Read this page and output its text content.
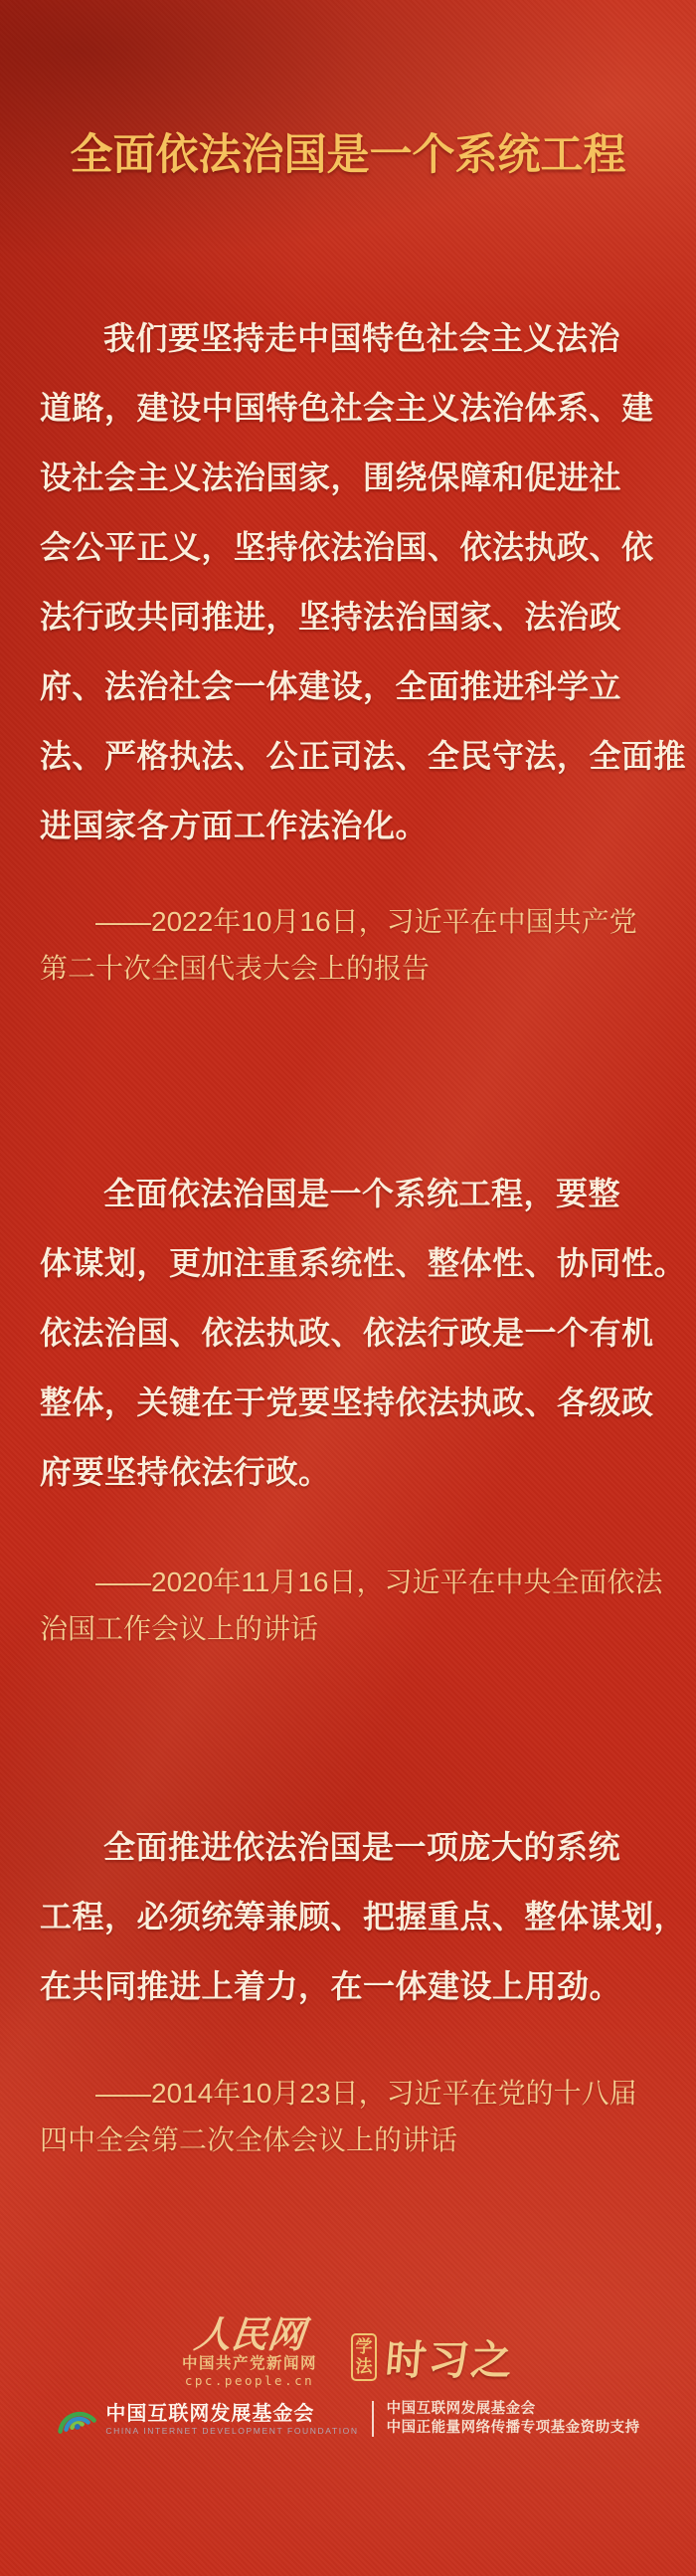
全面依法治国是一个系统工程
我们要坚持走中国特色社会主义法治
道路，建设中国特色社会主义法治体系、建
设社会主义法治国家，围绕保障和促进社
会公平正义，坚持依法治国、依法执政、依
法行政共同推进，坚持法治国家、法治政
府、法治社会一体建设，全面推进科学立
法、严格执法、公正司法、全民守法，全面推
进国家各方面工作法治化。
——2022年10月16日，习近平在中国共产党
第二十次全国代表大会上的报告
全面依法治国是一个系统工程，要整
体谋划，更加注重系统性、整体性、协同性。
依法治国、依法执政、依法行政是一个有机
整体，关键在于党要坚持依法执政、各级政
府要坚持依法行政。
——2020年11月16日，习近平在中央全面依法
治国工作会议上的讲话
全面推进依法治国是一项庞大的系统
工程，必须统筹兼顾、把握重点、整体谋划，
在共同推进上着力，在一体建设上用劲。
——2014年10月23日，习近平在党的十八届
四中全会第二次全体会议上的讲话
人民网
中国共产党新闻网
cpc.people.cn
学
法 时习之
中国互联网发展基金会
CHINA INTERNET DEVELOPMENT FOUNDATION
中国互联网发展基金会
中国正能量网络传播专项基金资助支持
